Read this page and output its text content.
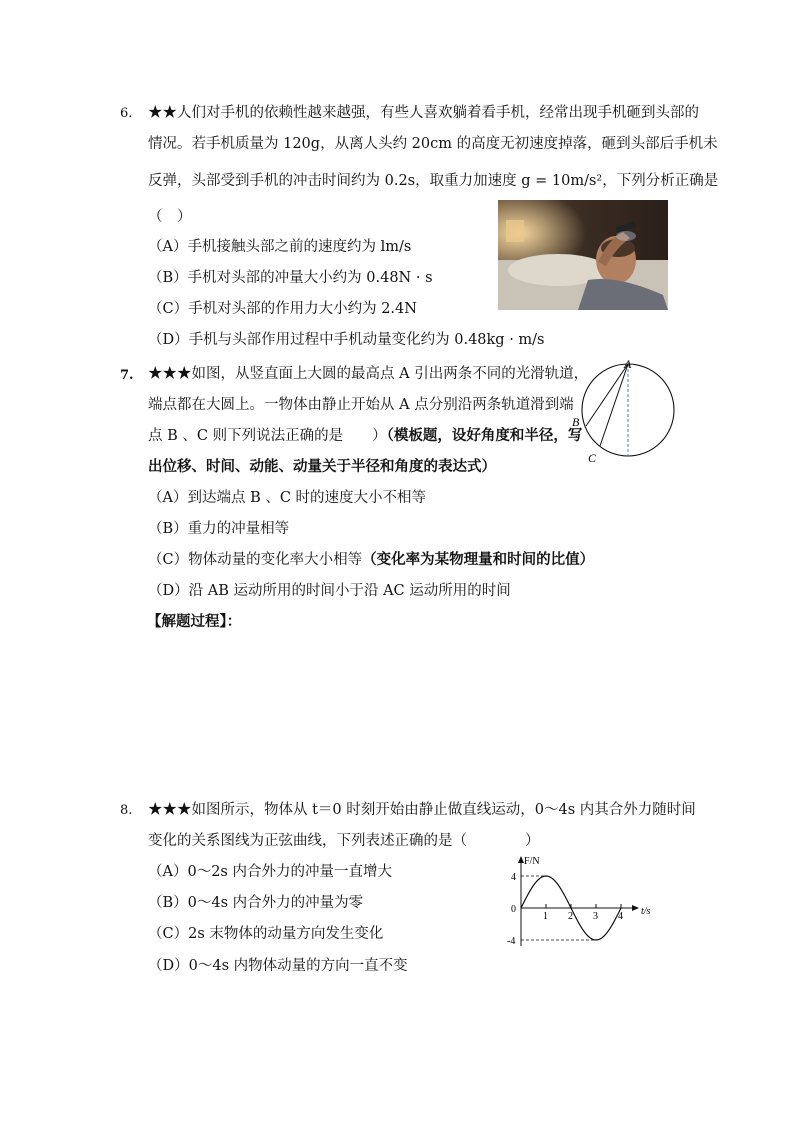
6. ★★人们对手机的依赖性越来越强，有些人喜欢躺着看手机，经常出现手机砸到头部的
情况。若手机质量为 120g，从离人头约 20cm 的高度无初速度掉落，砸到头部后手机未
反弹，头部受到手机的冲击时间约为 0.2s，取重力加速度 g = 10m/s²，下列分析正确是
（　）
（A）手机接触头部之前的速度约为 lm/s
（B）手机对头部的冲量大小约为 0.48N · s
（C）手机对头部的作用力大小约为 2.4N
（D）手机与头部作用过程中手机动量变化约为 0.48kg · m/s
7. ★★★如图，从竖直面上大圆的最高点 A 引出两条不同的光滑轨道，
端点都在大圆上。一物体由静止开始从 A 点分别沿两条轨道滑到端
点 B 、C 则下列说法正确的是　　）（模板题，设好角度和半径，写
出位移、时间、动能、动量关于半径和角度的表达式）
（A）到达端点 B 、C 时的速度大小不相等
（B）重力的冲量相等
（C）物体动量的变化率大小相等（变化率为某物理量和时间的比值）
（D）沿 AB 运动所用的时间小于沿 AC 运动所用的时间
【解题过程】：
A
B
C
8. ★★★如图所示，物体从 t＝0 时刻开始由静止做直线运动，0～4s 内其合外力随时间
变化的关系图线为正弦曲线，下列表述正确的是（　　　　）
（A）0～2s 内合外力的冲量一直增大
（B）0～4s 内合外力的冲量为零
（C）2s 末物体的动量方向发生变化
（D）0～4s 内物体动量的方向一直不变
F/N
t/s
1 2 3 4
4
0
-4
